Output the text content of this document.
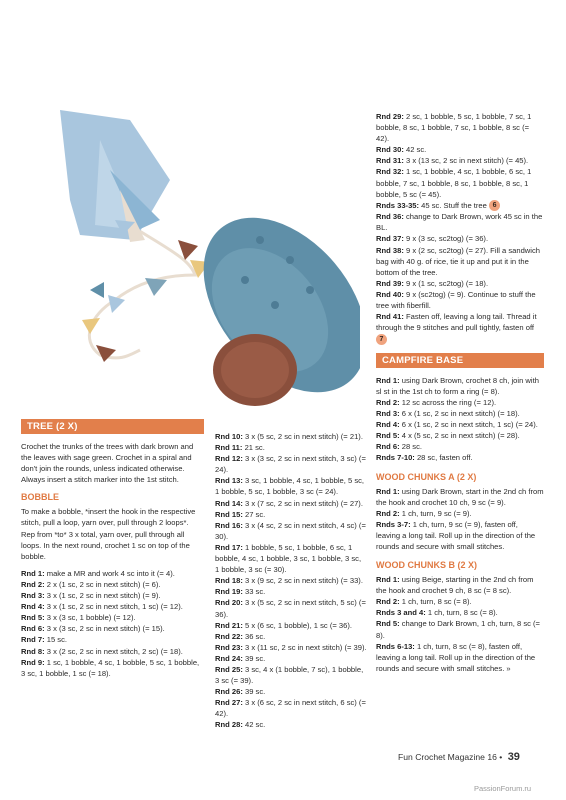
TREE (2 X)

Crochet the trunks of the trees with dark brown and the leaves with sage green. Crochet in a spiral and don't join the rounds, unless indicated otherwise. Always insert a stitch marker into the 1st stitch.

BOBBLE

To make a bobble, *insert the hook in the respective stitch, pull a loop, yarn over, pull through 2 loops*. Rep from *to* 3 x total, yarn over, pull through all loops. In the next round, crochet 1 sc on top of the bobble.

Rnd 1: make a MR and work 4 sc into it (= 4).

Rnd 2: 2 x (1 sc, 2 sc in next stitch) (= 6).

Rnd 3: 3 x (1 sc, 2 sc in next stitch) (= 9).

Rnd 4: 3 x (1 sc, 2 sc in next stitch, 1 sc) (= 12).

Rnd 5: 3 x (3 sc, 1 bobble) (= 12).

Rnd 6: 3 x (3 sc, 2 sc in next stitch) (= 15).

Rnd 7: 15 sc.

Rnd 8: 3 x (2 sc, 2 sc in next stitch, 2 sc) (= 18).

Rnd 9: 1 sc, 1 bobble, 4 sc, 1 bobble, 5 sc, 1 bobble, 3 sc, 1 bobble, 1 sc (= 18).

Rnd 10: 3 x (5 sc, 2 sc in next stitch) (= 21).

Rnd 11: 21 sc.

Rnd 12: 3 x (3 sc, 2 sc in next stitch, 3 sc) (= 24).

Rnd 13: 3 sc, 1 bobble, 4 sc, 1 bobble, 5 sc, 1 bobble, 5 sc, 1 bobble, 3 sc (= 24).

Rnd 14: 3 x (7 sc, 2 sc in next stitch) (= 27).

Rnd 15: 27 sc.

Rnd 16: 3 x (4 sc, 2 sc in next stitch, 4 sc) (= 30).

Rnd 17: 1 bobble, 5 sc, 1 bobble, 6 sc, 1 bobble, 4 sc, 1 bobble, 3 sc, 1 bobble, 3 sc, 1 bobble, 3 sc (= 30).

Rnd 18: 3 x (9 sc, 2 sc in next stitch) (= 33).

Rnd 19: 33 sc.

Rnd 20: 3 x (5 sc, 2 sc in next stitch, 5 sc) (= 36).

Rnd 21: 5 x (6 sc, 1 bobble), 1 sc (= 36).

Rnd 22: 36 sc.

Rnd 23: 3 x (11 sc, 2 sc in next stitch) (= 39).

Rnd 24: 39 sc.

Rnd 25: 3 sc, 4 x (1 bobble, 7 sc), 1 bobble, 3 sc (= 39).

Rnd 26: 39 sc.

Rnd 27: 3 x (6 sc, 2 sc in next stitch, 6 sc) (= 42).

Rnd 28: 42 sc.

Rnd 29: 2 sc, 1 bobble, 5 sc, 1 bobble, 7 sc, 1 bobble, 8 sc, 1 bobble, 7 sc, 1 bobble, 8 sc (= 42).

Rnd 30: 42 sc.

Rnd 31: 3 x (13 sc, 2 sc in next stitch) (= 45).

Rnd 32: 1 sc, 1 bobble, 4 sc, 1 bobble, 6 sc, 1 bobble, 7 sc, 1 bobble, 8 sc, 1 bobble, 8 sc, 1 bobble, 5 sc (= 45).

Rnds 33-35: 45 sc. Stuff the tree 6

Rnd 36: change to Dark Brown, work 45 sc in the BL.

Rnd 37: 9 x (3 sc, sc2tog) (= 36).

Rnd 38: 9 x (2 sc, sc2tog) (= 27). Fill a sandwich bag with 40 g. of rice, tie it up and put it in the bottom of the tree.

Rnd 39: 9 x (1 sc, sc2tog) (= 18).

Rnd 40: 9 x (sc2tog) (= 9). Continue to stuff the tree with fiberfill.

Rnd 41: Fasten off, leaving a long tail. Thread it through the 9 stitches and pull tightly, fasten off 7

CAMPFIRE BASE

Rnd 1: using Dark Brown, crochet 8 ch, join with sl st in the 1st ch to form a ring (= 8).

Rnd 2: 12 sc across the ring (= 12).

Rnd 3: 6 x (1 sc, 2 sc in next stitch) (= 18).

Rnd 4: 6 x (1 sc, 2 sc in next stitch, 1 sc) (= 24).

Rnd 5: 4 x (5 sc, 2 sc in next stitch) (= 28).

Rnd 6: 28 sc.

Rnds 7-10: 28 sc, fasten off.

WOOD CHUNKS A (2 X)

Rnd 1: using Dark Brown, start in the 2nd ch from the hook and crochet 10 ch, 9 sc (= 9).

Rnd 2: 1 ch, turn, 9 sc (= 9).

Rnds 3-7: 1 ch, turn, 9 sc (= 9), fasten off, leaving a long tail. Roll up in the direction of the rounds and secure with small stitches.

WOOD CHUNKS B (2 X)

Rnd 1: using Beige, starting in the 2nd ch from the hook and crochet 9 ch, 8 sc (= 8 sc).

Rnd 2: 1 ch, turn, 8 sc (= 8).

Rnds 3 and 4: 1 ch, turn, 8 sc (= 8).

Rnd 5: change to Dark Brown, 1 ch, turn, 8 sc (= 8).

Rnds 6-13: 1 ch, turn, 8 sc (= 8), fasten off, leaving a long tail. Roll up in the direction of the rounds and secure with small stitches. »

Fun Crochet Magazine 16 • 39
PassionForum.ru
